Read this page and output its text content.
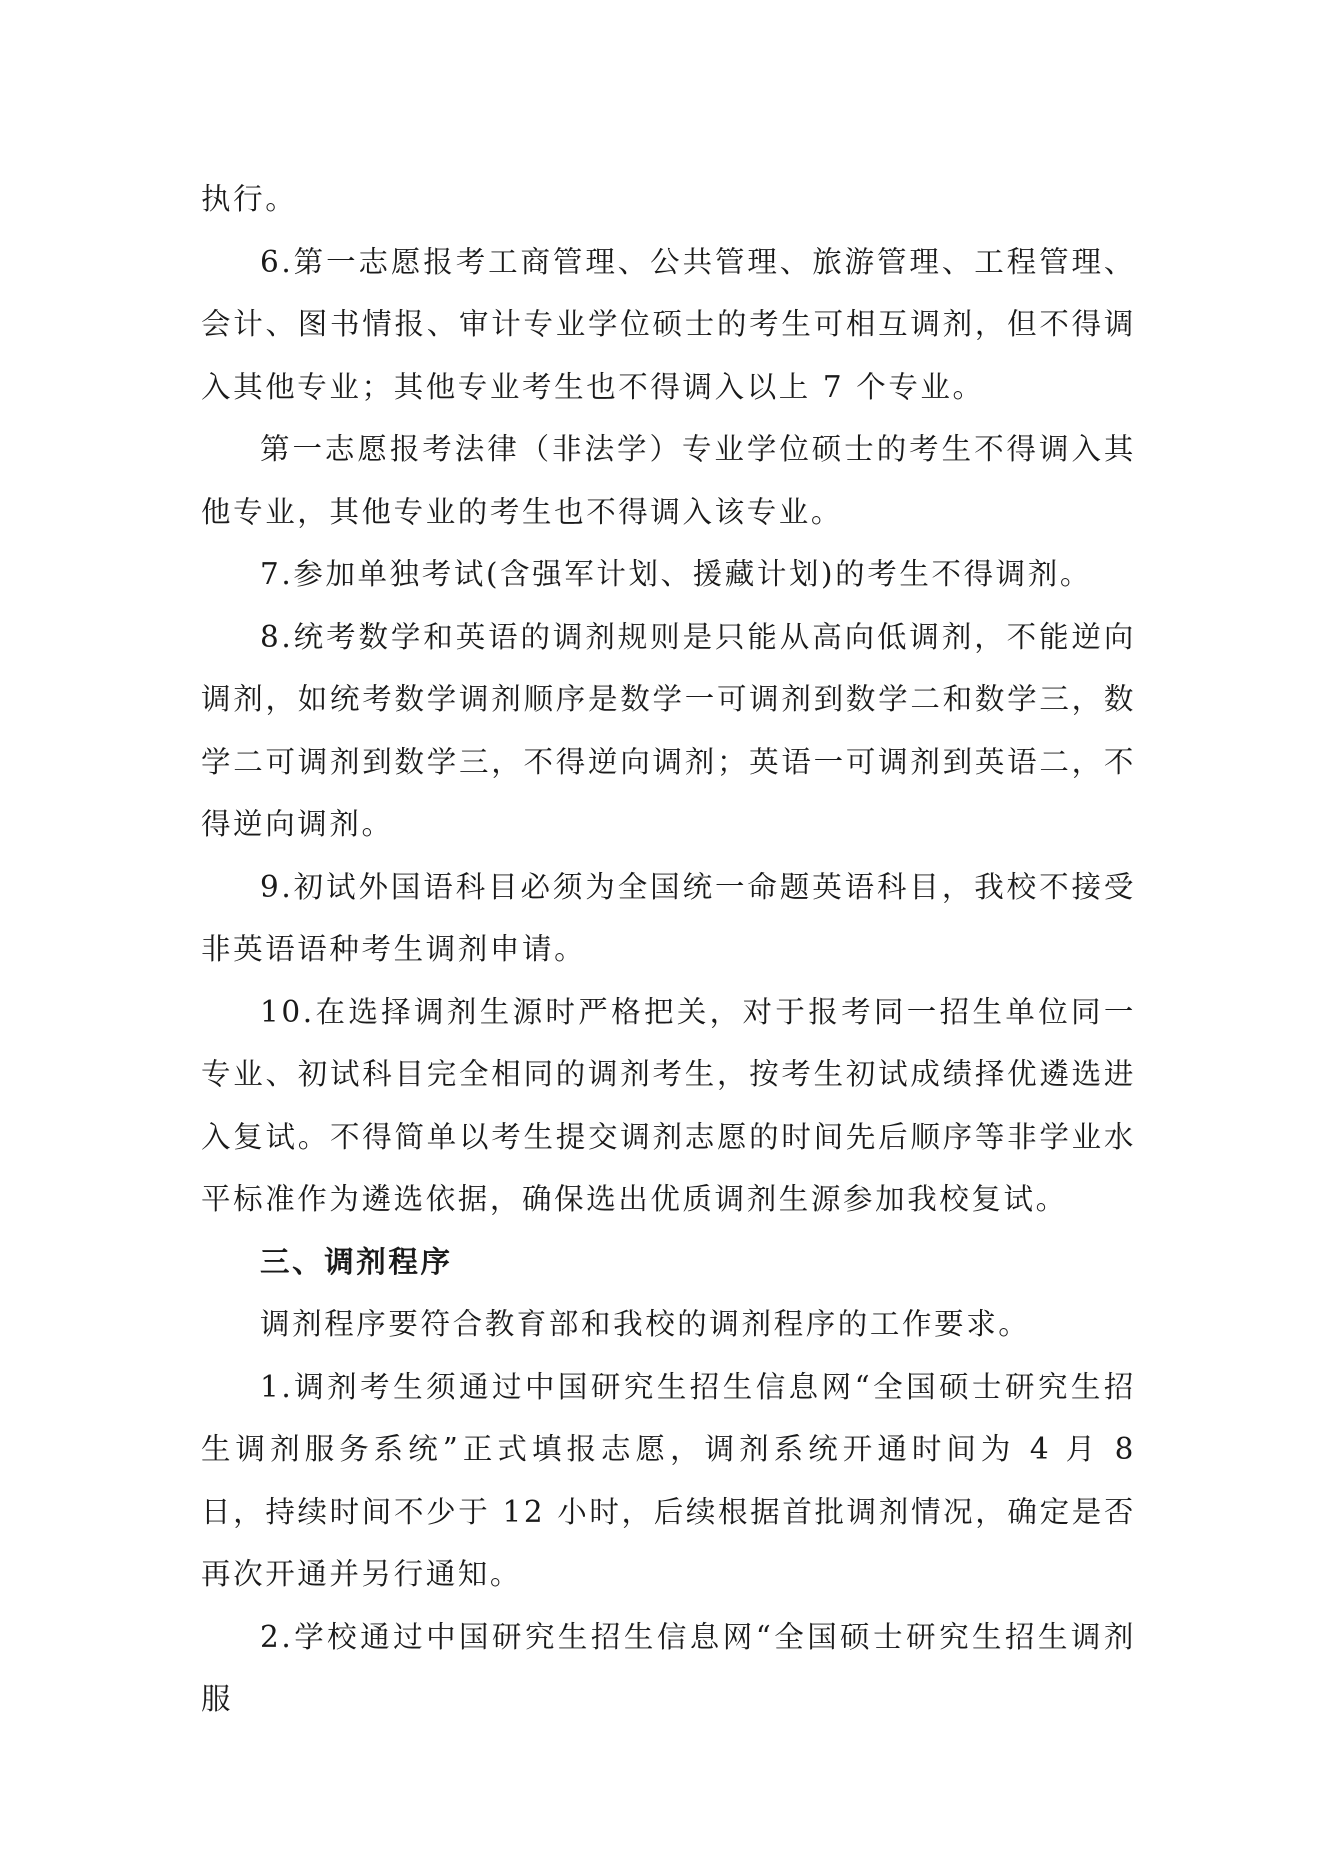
执行。

6.第一志愿报考工商管理、公共管理、旅游管理、工程管理、会计、图书情报、审计专业学位硕士的考生可相互调剂，但不得调入其他专业；其他专业考生也不得调入以上 7 个专业。

第一志愿报考法律（非法学）专业学位硕士的考生不得调入其他专业，其他专业的考生也不得调入该专业。

7.参加单独考试(含强军计划、援藏计划)的考生不得调剂。

8.统考数学和英语的调剂规则是只能从高向低调剂，不能逆向调剂，如统考数学调剂顺序是数学一可调剂到数学二和数学三，数学二可调剂到数学三，不得逆向调剂；英语一可调剂到英语二，不得逆向调剂。

9.初试外国语科目必须为全国统一命题英语科目，我校不接受非英语语种考生调剂申请。

10.在选择调剂生源时严格把关，对于报考同一招生单位同一专业、初试科目完全相同的调剂考生，按考生初试成绩择优遴选进入复试。不得简单以考生提交调剂志愿的时间先后顺序等非学业水平标准作为遴选依据，确保选出优质调剂生源参加我校复试。

三、调剂程序

调剂程序要符合教育部和我校的调剂程序的工作要求。

1.调剂考生须通过中国研究生招生信息网“全国硕士研究生招生调剂服务系统”正式填报志愿，调剂系统开通时间为 4 月 8 日，持续时间不少于 12 小时，后续根据首批调剂情况，确定是否再次开通并另行通知。

2.学校通过中国研究生招生信息网“全国硕士研究生招生调剂服
